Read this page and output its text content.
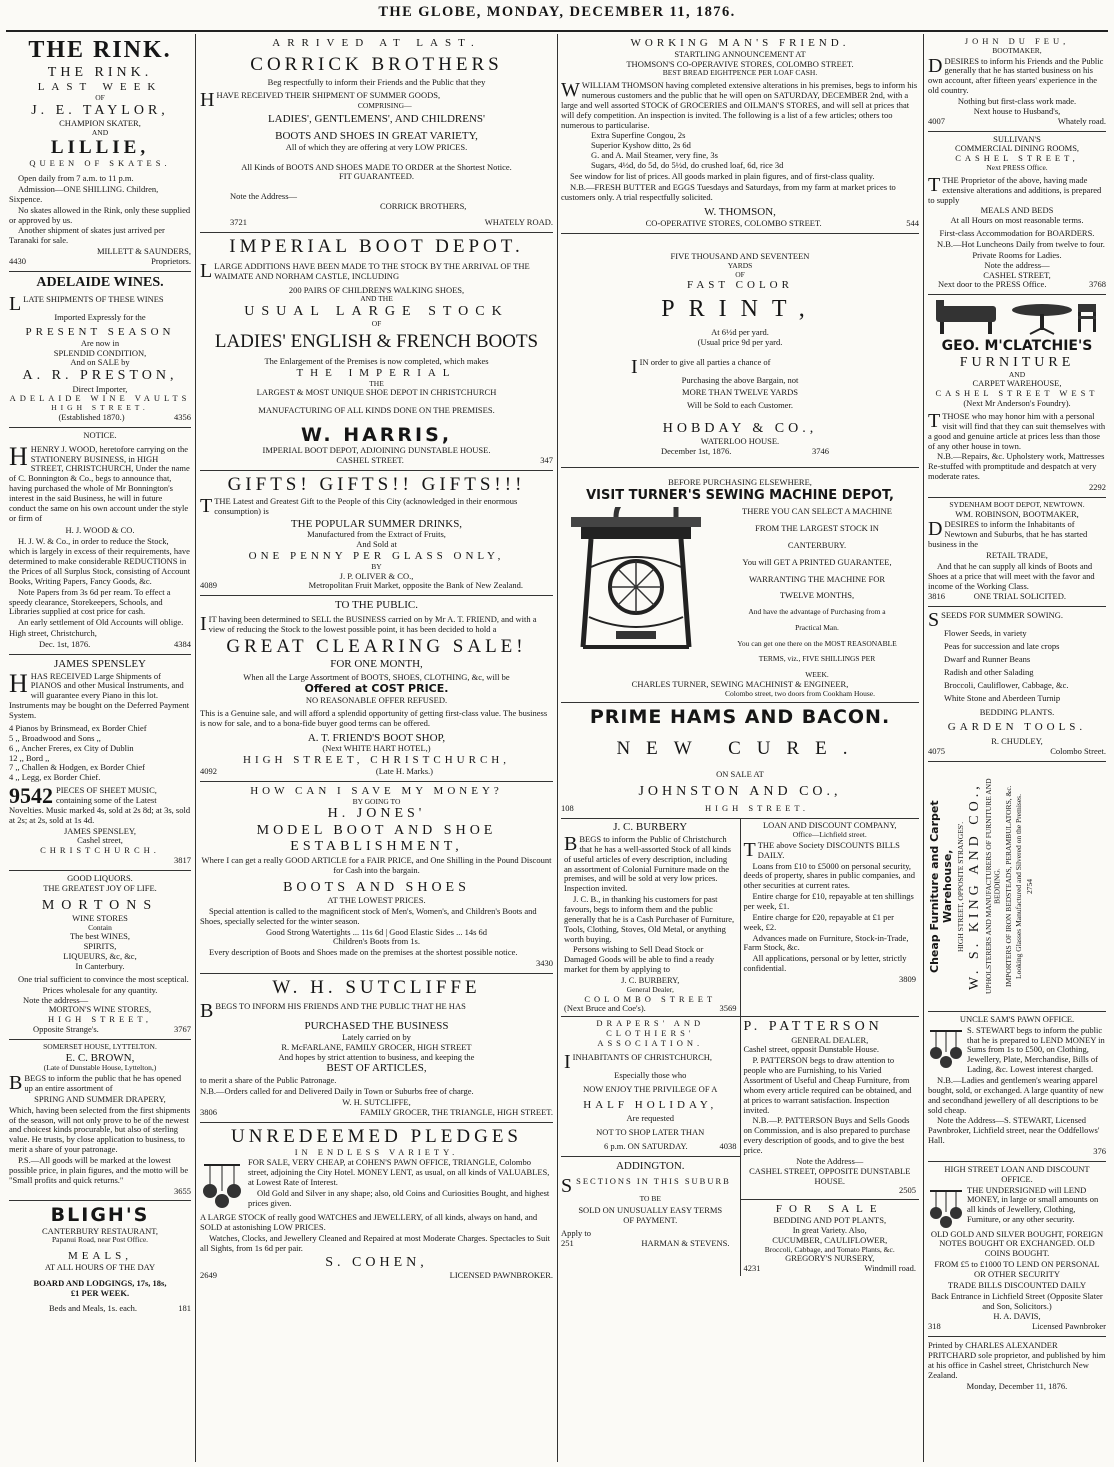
THE GLOBE, MONDAY, DECEMBER 11, 1876.
THE RINK.
THE RINK.
LAST WEEK
OF
J. E. TAYLOR,
CHAMPION SKATER,
AND
LILLIE,
QUEEN OF SKATES.

Open daily from 7 a.m. to 11 p.m.

Admission—ONE SHILLING. Children, Sixpence.

No skates allowed in the Rink, only these supplied or approved by us.

Another shipment of skates just arrived per Taranaki for sale.

MILLETT & SAUNDERS,
4430	Proprietors.
ADELAIDE WINES.

LLATE SHIPMENTS OF THESE WINES

Imported Expressly for the
PRESENT SEASON
Are now in
SPLENDID CONDITION,
And on SALE by
A. R. PRESTON,
Direct Importer,
ADELAIDE WINE VAULTS
HIGH STREET.
(Established 1870.)	4356
NOTICE.

HHENRY J. WOOD, heretofore carrying on the STATIONERY BUSINESS, in HIGH STREET, CHRISTCHURCH, Under the name of C. Bonnington & Co., begs to announce that, having purchased the whole of Mr Bonnington's interest in the said Business, he will in future conduct the same on his own account under the style or firm of

H. J. WOOD & CO.

H. J. W. & Co., in order to reduce the Stock, which is largely in excess of their requirements, have determined to make considerable REDUCTIONS in the Prices of all Surplus Stock, consisting of Account Books, Writing Papers, Fancy Goods, &c.

Note Papers from 3s 6d per ream. To effect a speedy clearance, Storekeepers, Schools, and Libraries supplied at cost price for cash.

An early settlement of Old Accounts will oblige.

High street, Christchurch,

Dec. 1st, 1876.	4384
JAMES SPENSLEY

HHAS RECEIVED Large Shipments of PIANOS and other Musical Instruments, and will guarantee every Piano in this lot. Instruments may be bought on the Deferred Payment System.

4 Pianos by Brinsmead, ex Border Chief
5 ,, Broadwood and Sons ,,
6 ,, Ancher Freres, ex City of Dublin
12 ,, Bord ,,
7 ,, Challen & Hodgen, ex Border Chief
4 ,, Legg, ex Border Chief.

9542 PIECES OF SHEET MUSIC, containing some of the Latest Novelties. Music marked 4s, sold at 2s 8d; at 3s, sold at 2s; at 2s, sold at 1s 4d.

JAMES SPENSLEY,
Cashel street,
CHRISTCHURCH.
3817
GOOD LIQUORS.
THE GREATEST JOY OF LIFE.
MORTONS
WINE STORES
Contain
The best WINES,
SPIRITS,
LIQUEURS, &c, &c,
In Canterbury.

One trial sufficient to convince the most sceptical.

Prices wholesale for any quantity.
Note the address—
MORTON'S WINE STORES,
HIGH STREET,
Opposite Strange's.	3767
SOMERSET HOUSE, LYTTELTON.
E. C. BROWN,
(Late of Dunstable House, Lyttelton,)

BBEGS to inform the public that he has opened up an entire assortment of

SPRING AND SUMMER DRAPERY,

Which, having been selected from the first shipments of the season, will not only prove to be of the newest and choicest kinds procurable, but also of sterling value. He trusts, by close application to business, to merit a share of your patronage.

P.S.—All goods will be marked at the lowest possible price, in plain figures, and the motto will be "Small profits and quick returns."

3655
BLIGH'S
CANTERBURY RESTAURANT,
Papanui Road, near Post Office.
MEALS,
AT ALL HOURS OF THE DAY
BOARD AND LODGINGS, 17s, 18s,
£1 PER WEEK.
Beds and Meals, 1s. each.	181
ARRIVED AT LAST.
CORRICK BROTHERS
Beg respectfully to inform their Friends and the Public that they

HHAVE RECEIVED THEIR SHIPMENT OF SUMMER GOODS,

COMPRISING—
LADIES', GENTLEMENS', AND CHILDRENS'
BOOTS AND SHOES IN GREAT VARIETY,
All of which they are offering at very LOW PRICES.
All Kinds of BOOTS AND SHOES MADE TO ORDER at the Shortest Notice.
FIT GUARANTEED.
Note the Address—
CORRICK BROTHERS,
3721	WHATELY ROAD.
IMPERIAL BOOT DEPOT.

LLARGE ADDITIONS HAVE BEEN MADE TO THE STOCK BY THE ARRIVAL OF THE WAIMATE AND NORHAM CASTLE, INCLUDING

200 PAIRS OF CHILDREN'S WALKING SHOES,
AND THE
USUAL LARGE STOCK
OF
LADIES' ENGLISH & FRENCH BOOTS
The Enlargement of the Premises is now completed, which makes
THE IMPERIAL
THE
LARGEST & MOST UNIQUE SHOE DEPOT IN CHRISTCHURCH
MANUFACTURING OF ALL KINDS DONE ON THE PREMISES.
W. HARRIS,
IMPERIAL BOOT DEPOT, ADJOINING DUNSTABLE HOUSE.
CASHEL STREET.	347
GIFTS! GIFTS!! GIFTS!!!

TTHE Latest and Greatest Gift to the People of this City (acknowledged in their enormous consumption) is

THE POPULAR SUMMER DRINKS,
Manufactured from the Extract of Fruits,
And Sold at
ONE PENNY PER GLASS ONLY,
BY
J. P. OLIVER & CO.,
4089	Metropolitan Fruit Market, opposite the Bank of New Zealand.
TO THE PUBLIC.

IIT having been determined to SELL the BUSINESS carried on by Mr A. T. FRIEND, and with a view of reducing the Stock to the lowest possible point, it has been decided to hold a

GREAT CLEARING SALE!
FOR ONE MONTH,
When all the Large Assortment of BOOTS, SHOES, CLOTHING, &c, will be
Offered at COST PRICE.
NO REASONABLE OFFER REFUSED.

This is a Genuine sale, and will afford a splendid opportunity of getting first-class value. The business is now for sale, and to a bona-fide buyer good terms can be offered.

A. T. FRIEND'S BOOT SHOP,
(Next WHITE HART HOTEL,)
HIGH STREET, CHRISTCHURCH,
4092	(Late H. Marks.)
HOW CAN I SAVE MY MONEY?
BY GOING TO
H. JONES'
MODEL BOOT AND SHOE
ESTABLISHMENT,

Where I can get a really GOOD ARTICLE for a FAIR PRICE, and One Shilling in the Pound Discount for Cash into the bargain.

BOOTS AND SHOES
AT THE LOWEST PRICES.

Special attention is called to the magnificent stock of Men's, Women's, and Children's Boots and Shoes, specially selected for the winter season.

Good Strong Watertights ... 11s 6d | Good Elastic Sides ... 14s 6d
Children's Boots from 1s.

Every description of Boots and Shoes made on the premises at the shortest possible notice.

3430
W. H. SUTCLIFFE

BBEGS TO INFORM HIS FRIENDS AND THE PUBLIC THAT HE HAS

PURCHASED THE BUSINESS
Lately carried on by
R. McFARLANE, FAMILY GROCER, HIGH STREET
And hopes by strict attention to business, and keeping the
BEST OF ARTICLES,

to merit a share of the Public Patronage.

N.B.—Orders called for and Delivered Daily in Town or Suburbs free of charge.

W. H. SUTCLIFFE,
3806	FAMILY GROCER, THE TRIANGLE, HIGH STREET.
UNREDEEMED PLEDGES
IN ENDLESS VARIETY.

FOR SALE, VERY CHEAP, at COHEN'S PAWN OFFICE, TRIANGLE, Colombo street, adjoining the City Hotel. MONEY LENT, as usual, on all kinds of VALUABLES, at Lowest Rate of Interest.

Old Gold and Silver in any shape; also, old Coins and Curiosities Bought, and highest prices given.

A LARGE STOCK of really good WATCHES and JEWELLERY, of all kinds, always on hand, and SOLD at astonishing LOW PRICES.

Watches, Clocks, and Jewellery Cleaned and Repaired at most Moderate Charges. Spectacles to Suit all Sights, from 1s 6d per pair.

S. COHEN,
2649	LICENSED PAWNBROKER.
WORKING MAN'S FRIEND.
STARTLING ANNOUNCEMENT AT
THOMSON'S CO-OPERAVIVE STORES, COLOMBO STREET.
BEST BREAD EIGHTPENCE PER LOAF CASH.

WWILLIAM THOMSON having completed extensive alterations in his premises, begs to inform his numerous customers and the public that he will open on SATURDAY, DECEMBER 2nd, with a large and well assorted STOCK of GROCERIES and OILMAN'S STORES, and will sell at prices that will defy competition. An inspection is invited. The following is a list of a few articles; others too numerous to particularise.

Extra Superfine Congou, 2s
Superior Kyshow ditto, 2s 6d
G. and A. Mail Steamer, very fine, 3s
Sugars, 4½d, do 5d, do 5½d, do crushed loaf, 6d, rice 3d

See window for list of prices. All goods marked in plain figures, and of first-class quality.

N.B.—FRESH BUTTER and EGGS Tuesdays and Saturdays, from my farm at market prices to customers only. A trial respectfully solicited.

W. THOMSON,
CO-OPERATIVE STORES, COLOMBO STREET.	544
FIVE THOUSAND AND SEVENTEEN
YARDS
OF
FAST COLOR
PRINT,
At 6½d per yard.
(Usual price 9d per yard.

IIN order to give all parties a chance of

Purchasing the above Bargain, not
MORE THAN TWELVE YARDS
Will be Sold to each Customer.
HOBDAY & CO.,
WATERLOO HOUSE.
December 1st, 1876.	3746
BEFORE PURCHASING ELSEWHERE,
VISIT TURNER'S SEWING MACHINE DEPOT,
THERE YOU CAN SELECT A MACHINE
FROM THE LARGEST STOCK IN
CANTERBURY.
You will GET A PRINTED GUARANTEE,
WARRANTING THE MACHINE FOR
TWELVE MONTHS,
And have the advantage of Purchasing from a
Practical Man.
You can get one there on the MOST REASONABLE
TERMS, viz., FIVE SHILLINGS PER
WEEK.
CHARLES TURNER, SEWING MACHINIST & ENGINEER,
Colombo street, two doors from Cookham House.
PRIME HAMS AND BACON.
NEW CURE.
ON SALE AT
JOHNSTON AND CO.,
108	HIGH STREET.
J. C. BURBERY

BBEGS to inform the Public of Christchurch that he has a well-assorted Stock of all kinds of useful articles of every description, including an assortment of Colonial Furniture made on the premises, and will be sold at very low prices. Inspection invited.

J. C. B., in thanking his customers for past favours, begs to inform them and the public generally that he is a Cash Purchaser of Furniture, Tools, Clothing, Stoves, Old Metal, or anything worth buying.

Persons wishing to Sell Dead Stock or Damaged Goods will be able to find a ready market for them by applying to

J. C. BURBERY,
General Dealer,
COLOMBO STREET
(Next Bruce and Coe's).	3569
LOAN AND DISCOUNT COMPANY,
Office—Lichfield street.

TTHE above Society DISCOUNTS BILLS DAILY.

Loans from £10 to £5000 on personal security, deeds of property, shares in public companies, and other securities at current rates.

Entire charge for £10, repayable at ten shillings per week, £1.

Entire charge for £20, repayable at £1 per week, £2.

Advances made on Furniture, Stock-in-Trade, Farm Stock, &c.

All applications, personal or by letter, strictly confidential.

3809
DRAPERS' AND CLOTHIERS' ASSOCIATION.

IINHABITANTS OF CHRISTCHURCH,

Especially those who
NOW ENJOY THE PRIVILEGE OF A
HALF HOLIDAY,
Are requested
NOT TO SHOP LATER THAN
6 p.m. ON SATURDAY.	4038
ADDINGTON.

SSECTIONS IN THIS SUBURB

TO BE
SOLD ON UNUSUALLY EASY TERMS
OF PAYMENT.
Apply to
251	HARMAN & STEVENS.
P. PATTERSON
GENERAL DEALER,
Cashel street, opposit Dunstable House.

P. PATTERSON begs to draw attention to people who are Furnishing, to his Varied Assortment of Useful and Cheap Furniture, from whom every article required can be obtained, and at prices to warrant satisfaction. Inspection invited.

N.B.—P. PATTERSON Buys and Sells Goods on Commission, and is also prepared to purchase every description of goods, and to give the best price.

Note the Address—
CASHEL STREET, OPPOSITE DUNSTABLE HOUSE.
2505
FOR SALE
BEDDING AND POT PLANTS,
In great Variety. Also,
CUCUMBER, CAULIFLOWER,
Broccoli, Cabbage, and Tomato Plants, &c.
GREGORY'S NURSERY,
4231	Windmill road.
JOHN DU FEU,
BOOTMAKER,

DDESIRES to inform his Friends and the Public generally that he has started business on his own account, after fifteen years' experience in the old country.

Nothing but first-class work made.
Next house to Husband's,
4007	Whately road.
SULLIVAN'S
COMMERCIAL DINING ROOMS,
CASHEL STREET,
Next PRESS Office.

TTHE Proprietor of the above, having made extensive alterations and additions, is prepared to supply

MEALS AND BEDS
At all Hours on most reasonable terms.
First-class Accommodation for BOARDERS.

N.B.—Hot Luncheons Daily from twelve to four.

Private Rooms for Ladies.
Note the address—
CASHEL STREET,
Next door to the PRESS Office.	3768
GEO. M'CLATCHIE'S
FURNITURE
AND
CARPET WAREHOUSE,
CASHEL STREET WEST
(Next Mr Anderson's Foundry).

TTHOSE who may honor him with a personal visit will find that they can suit themselves with a good and genuine article at prices less than those of any other house in town.

N.B.—Repairs, &c. Upholstery work, Mattresses Re-stuffed with promptitude and despatch at very moderate rates.

2292
SYDENHAM BOOT DEPOT, NEWTOWN.
WM. ROBINSON, BOOTMAKER,

DDESIRES to inform the Inhabitants of Newtown and Suburbs, that he has started business in the

RETAIL TRADE,

And that he can supply all kinds of Boots and Shoes at a price that will meet with the favor and income of the Working Class.

3816	ONE TRIAL SOLICITED.

SSEEDS FOR SUMMER SOWING.

Flower Seeds, in variety
Peas for succession and late crops
Dwarf and Runner Beans
Radish and other Salading
Broccoli, Cauliflower, Cabbage, &c.
White Stone and Aberdeen Turnip
BEDDING PLANTS.
GARDEN TOOLS.
R. CHUDLEY,
4075	Colombo Street.
Cheap Furniture and Carpet Warehouse, HIGH STREET, OPPOSITE STRANGES'. W. S. KING AND CO., UPHOLSTERERS AND MANUFACTURERS OF FURNITURE AND BEDDING. IMPORTERS OF IRON BEDSTEADS, PERAMBULATORS, &c. Looking Glasses Manufactured and Silvered on the Premises. 2754
UNCLE SAM'S PAWN OFFICE.

S. STEWART begs to inform the public that he is prepared to LEND MONEY in Sums from 1s to £500, on Clothing, Jewellery, Plate, Merchandise, Bills of Lading, &c. Lowest interest charged.

N.B.—Ladies and gentlemen's wearing apparel bought, sold, or exchanged. A large quantity of new and secondhand jewellery of all descriptions to be sold cheap.

Note the Address—S. STEWART, Licensed Pawnbroker, Lichfield street, near the Oddfellows' Hall.

376
HIGH STREET LOAN AND DISCOUNT OFFICE.

THE UNDERSIGNED will LEND MONEY, in large or small amounts on all kinds of Jewellery, Clothing, Furniture, or any other security.

OLD GOLD AND SILVER BOUGHT, FOREIGN NOTES BOUGHT OR EXCHANGED. OLD COINS BOUGHT.

FROM £5 to £1000 TO LEND ON PERSONAL OR OTHER SECURITY

TRADE BILLS DISCOUNTED DAILY

Back Entrance in Lichfield Street (Opposite Slater and Son, Solicitors.)

H. A. DAVIS,
318	Licensed Pawnbroker

Printed by CHARLES ALEXANDER PRITCHARD sole proprietor, and published by him at his office in Cashel street, Christchurch New Zealand.

Monday, December 11, 1876.
